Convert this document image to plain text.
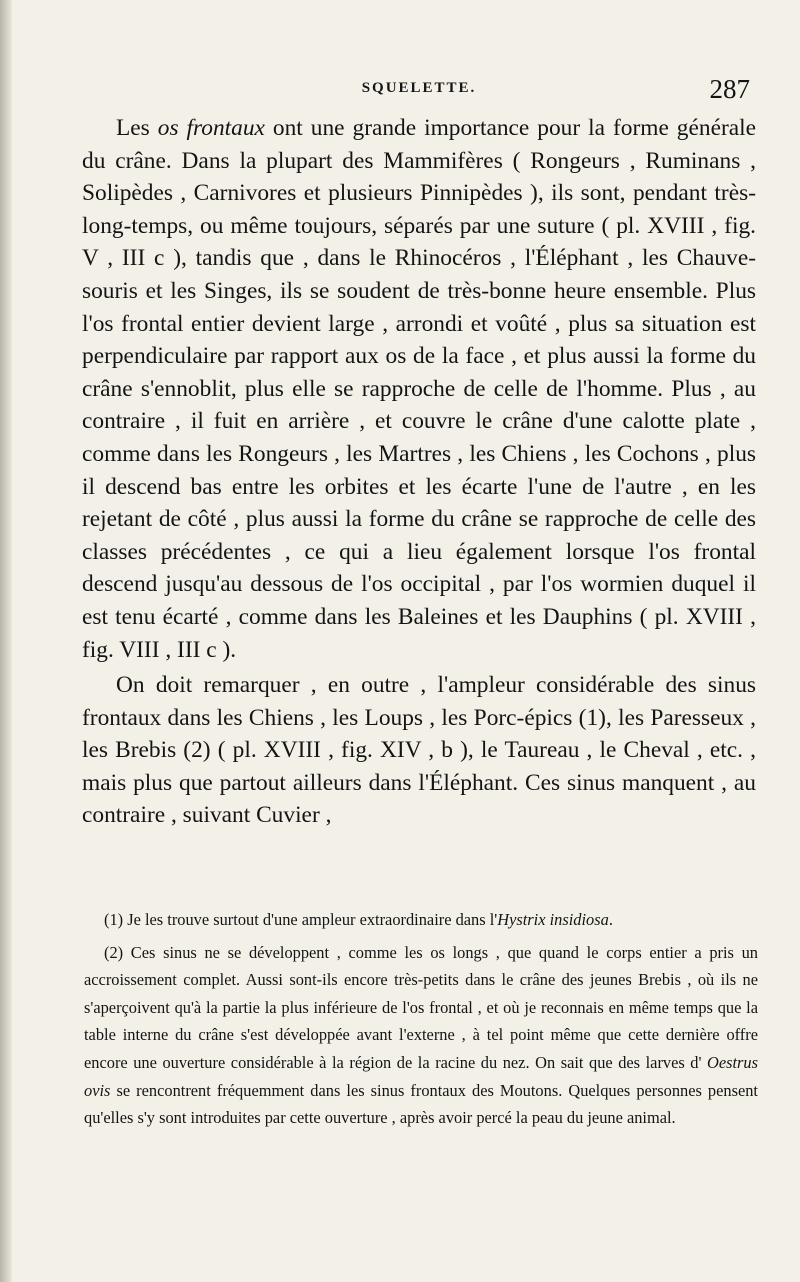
SQUELETTE.	287

Les os frontaux ont une grande importance pour la forme générale du crâne. Dans la plupart des Mammifères ( Rongeurs , Ruminans , Solipèdes , Carnivores et plusieurs Pinnipèdes ), ils sont, pendant très-long-temps, ou même toujours, séparés par une suture ( pl. XVIII , fig. V , III c ), tandis que , dans le Rhinocéros , l'Éléphant , les Chauve-souris et les Singes, ils se soudent de très-bonne heure ensemble. Plus l'os frontal entier devient large , arrondi et voûté , plus sa situation est perpendiculaire par rapport aux os de la face , et plus aussi la forme du crâne s'ennoblit, plus elle se rapproche de celle de l'homme. Plus , au contraire , il fuit en arrière , et couvre le crâne d'une calotte plate , comme dans les Rongeurs , les Martres , les Chiens , les Cochons , plus il descend bas entre les orbites et les écarte l'une de l'autre , en les rejetant de côté , plus aussi la forme du crâne se rapproche de celle des classes précédentes , ce qui a lieu également lorsque l'os frontal descend jusqu'au dessous de l'os occipital , par l'os wormien duquel il est tenu écarté , comme dans les Baleines et les Dauphins ( pl. XVIII , fig. VIII , III c ).

On doit remarquer , en outre , l'ampleur considérable des sinus frontaux dans les Chiens , les Loups , les Porc-épics (1), les Paresseux , les Brebis (2) ( pl. XVIII , fig. XIV , b ), le Taureau , le Cheval , etc. , mais plus que partout ailleurs dans l'Éléphant. Ces sinus manquent , au contraire , suivant Cuvier ,

(1) Je les trouve surtout d'une ampleur extraordinaire dans l'Hystrix insidiosa.

(2) Ces sinus ne se développent , comme les os longs , que quand le corps entier a pris un accroissement complet. Aussi sont-ils encore très-petits dans le crâne des jeunes Brebis , où ils ne s'aperçoivent qu'à la partie la plus inférieure de l'os frontal , et où je reconnais en même temps que la table interne du crâne s'est développée avant l'externe , à tel point même que cette dernière offre encore une ouverture considérable à la région de la racine du nez. On sait que des larves d' Oestrus ovis se rencontrent fréquemment dans les sinus frontaux des Moutons. Quelques personnes pensent qu'elles s'y sont introduites par cette ouverture , après avoir percé la peau du jeune animal.
